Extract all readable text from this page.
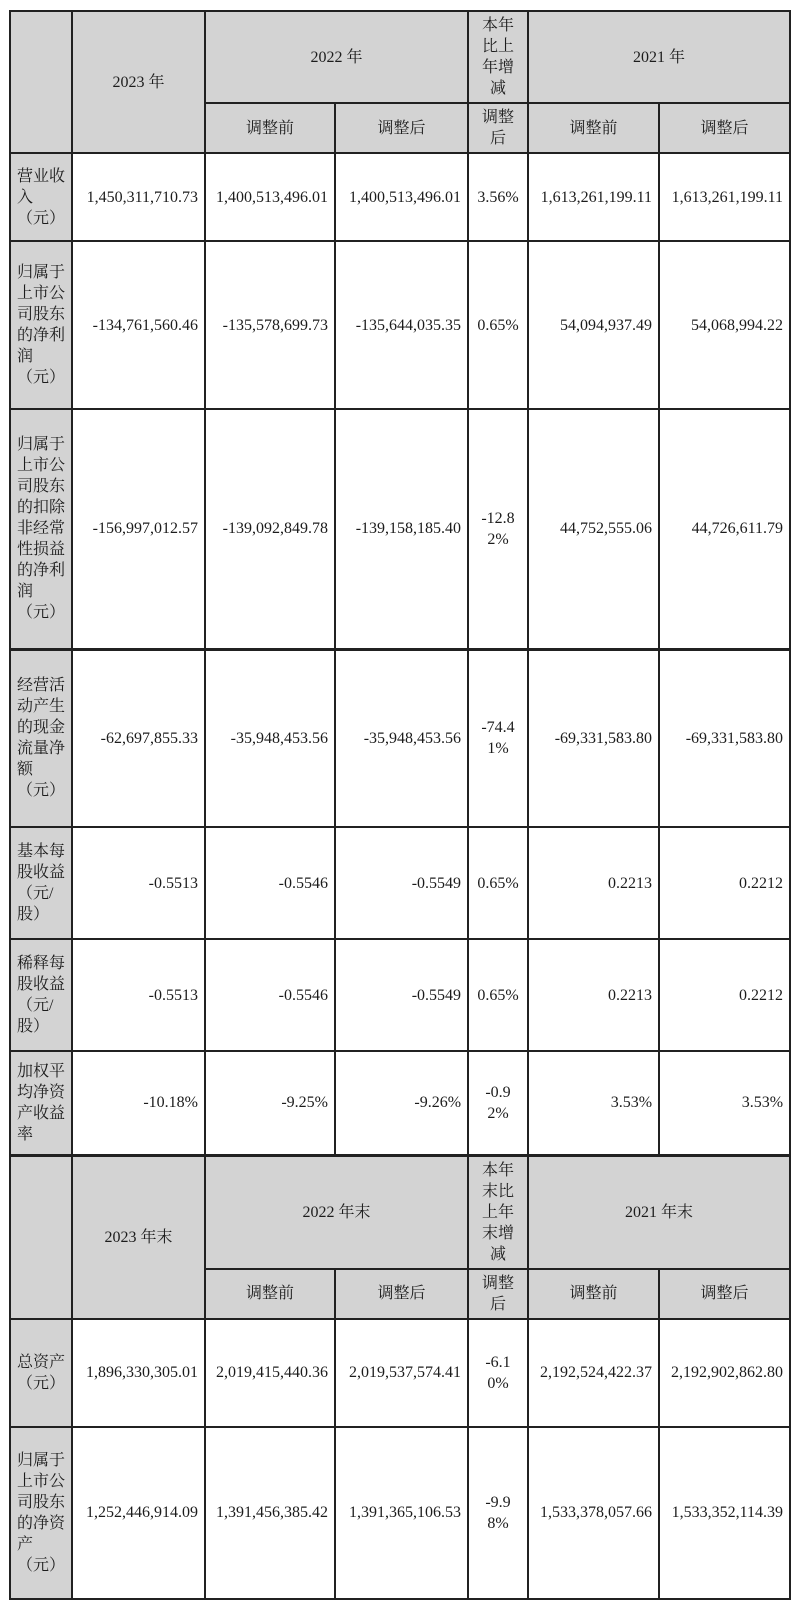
	2023 年	2022 年		本年比上年增减	2021 年	
		调整前	调整后	调整后	调整前	调整后
营业收入（元）	1,450,311,710.73	1,400,513,496.01	1,400,513,496.01	3.56%	1,613,261,199.11	1,613,261,199.11
归属于上市公司股东的净利润（元）	-134,761,560.46	-135,578,699.73	-135,644,035.35	0.65%	54,094,937.49	54,068,994.22
归属于上市公司股东的扣除非经常性损益的净利润（元）	-156,997,012.57	-139,092,849.78	-139,158,185.40	-12.82%	44,752,555.06	44,726,611.79
经营活动产生的现金流量净额（元）	-62,697,855.33	-35,948,453.56	-35,948,453.56	-74.41%	-69,331,583.80	-69,331,583.80
基本每股收益（元/股）	-0.5513	-0.5546	-0.5549	0.65%	0.2213	0.2212
稀释每股收益（元/股）	-0.5513	-0.5546	-0.5549	0.65%	0.2213	0.2212
加权平均净资产收益率	-10.18%	-9.25%	-9.26%	-0.92%	3.53%	3.53%
	2023 年末	2022 年末		本年末比上年末增减	2021 年末	
		调整前	调整后	调整后	调整前	调整后
总资产（元）	1,896,330,305.01	2,019,415,440.36	2,019,537,574.41	-6.10%	2,192,524,422.37	2,192,902,862.80
归属于上市公司股东的净资产（元）	1,252,446,914.09	1,391,456,385.42	1,391,365,106.53	-9.98%	1,533,378,057.66	1,533,352,114.39
